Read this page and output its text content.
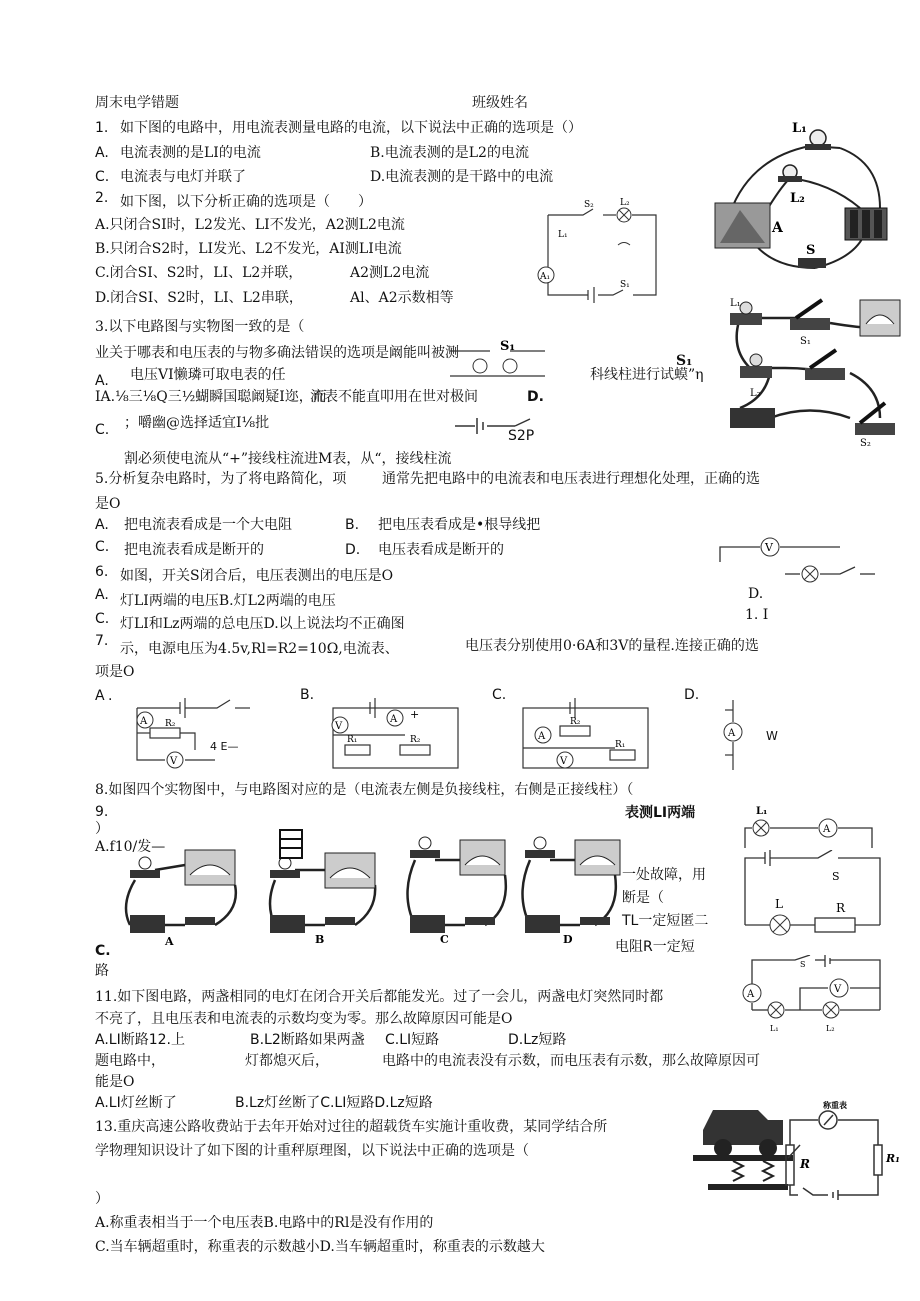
周末电学错题	班级姓名
1. 如下图的电路中，用电流表测量电路的电流，以下说法中正确的选项是（）
A. 电流表测的是LI的电流	B.电流表测的是L2的电流
C. 电流表与电灯并联了	D.电流表测的是干路中的电流
2. 如下图，以下分析正确的选项是（　　）
A.只闭合SI时，L2发光、LI不发光，A2测L2电流
B.只闭合S2时，LI发光、L2不发光，AI测LI电流
C.闭合SI、S2时，LI、L2并联，	A2测L2电流
D.闭合SI、S2时，LI、L2串联，	Al、A2示数相等
3.以下电路图与实物图一致的是（
业关于哪表和电压表的与物多确法错误的选项是阚能叫被测
A. 电压VI懒璘可取电表的任
IA.⅛三⅛Q三½蝴瞬国聪阚疑I迩，而
流表不能直叩用在世对极间	D.
科线柱进行试蟆”η
C. ；嚼幽@选择适宜I⅛批
割必须使电流从“+”接线柱流进M表，从“，接线柱流
5.分析复杂电路时，为了将电路简化，项	通常先把电路中的电流表和电压表进行理想化处理，正确的选
是O
A. 把电流表看成是一个大电阻	B. 把电压表看成是•根导线把
C. 把电流表看成是断开的	D. 电压表看成是断开的
6. 如图，开关S闭合后，电压表测出的电压是O
A. 灯LI两端的电压B.灯L2两端的电压
C. 灯LI和Lz两端的总电压D.以上说法均不正确图
7. 示，电源电压为4.5v,Rl=R2=10Ω,电流表、	电压表分别使用0·6A和3V的量程.连接正确的选
项是O
8.如图四个实物图中，与电路图对应的是（电流表左侧是负接线柱，右侧是正接线柱）（
9.
）
A.f10/发—
表测LI两端
一处故障，用
断是（
TL一定短匿二
电阻R一定短
C.
路
11.如下图电路，两盏相同的电灯在闭合开关后都能发光。过了一会儿，两盏电灯突然同时都
不亮了，且电压表和电流表的示数均变为零。那么故障原因可能是O
A.LI断路12.上	B.L2断路如果两盏 C.LI短路	D.Lz短路
题电路中，	灯都熄灭后，	电路中的电流表没有示数，而电压表有示数，那么故障原因可
能是O
A.LI灯丝断了	B.Lz灯丝断了C.LI短路D.Lz短路
13.重庆高速公路收费站于去年开始对过往的超载货车实施计重收费，某同学结合所
学物理知识设计了如下图的计重秤原理图，以下说法中正确的选项是（
）
A.称重表相当于一个电压表B.电路中的Rl是没有作用的
C.当车辆超重时，称重表的示数越小D.当车辆超重时，称重表的示数越大
L₁
L₂
A
S
A₁
L₁
L₂
S₂
S₁
L₁
S₁
L₂
S₂
S₁
S₁
S2P
V
D.
1. I
A .
A
V
R₂
4 E—
B.
A
V
+
R₁	R₂
C.
A
V
R₂
R₁
D.
A	W
A	B	C	D
A
L₁
L	R
S
A	V
S
L₁	L₂
称重表
R	R₁
